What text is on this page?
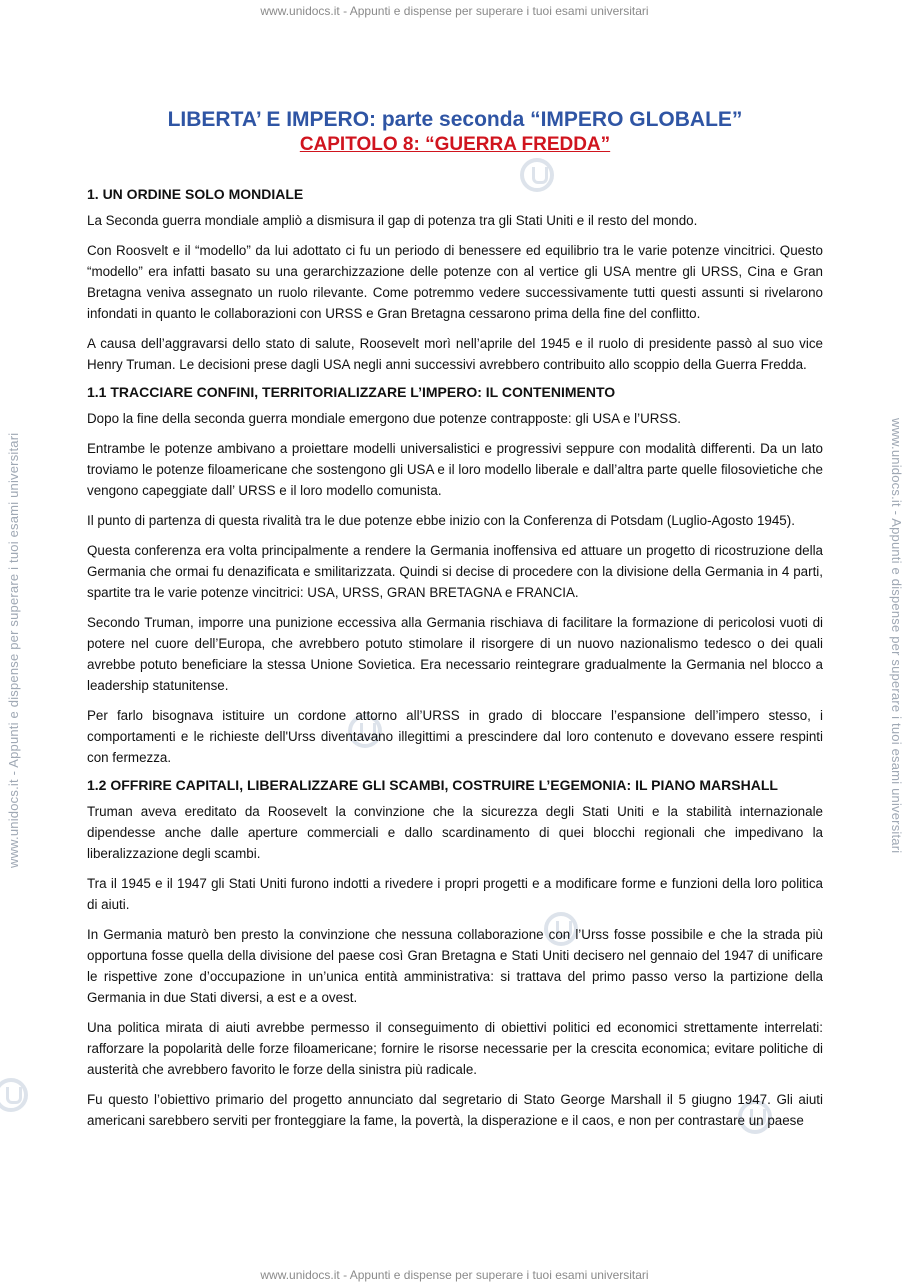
www.unidocs.it - Appunti e dispense per superare i tuoi esami universitari
www.unidocs.it - Appunti e dispense per superare i tuoi esami universitari	www.unidocs.it - Appunti e dispense per superare i tuoi esami universitari
LIBERTA’ E IMPERO: parte seconda “IMPERO GLOBALE”
CAPITOLO 8: “GUERRA FREDDA”
1. UN ORDINE SOLO MONDIALE

La Seconda guerra mondiale ampliò a dismisura il gap di potenza tra gli Stati Uniti e il resto del mondo.

Con Roosvelt e il “modello” da lui adottato ci fu un periodo di benessere ed equilibrio tra le varie potenze vincitrici. Questo “modello” era infatti basato su una gerarchizzazione delle potenze con al vertice gli USA mentre gli URSS, Cina e Gran Bretagna veniva assegnato un ruolo rilevante. Come potremmo vedere successivamente tutti questi assunti si rivelarono infondati in quanto le collaborazioni con URSS e Gran Bretagna cessarono prima della fine del conflitto.

A causa dell’aggravarsi dello stato di salute, Roosevelt morì nell’aprile del 1945 e il ruolo di presidente passò al suo vice Henry Truman. Le decisioni prese dagli USA negli anni successivi avrebbero contribuito allo scoppio della Guerra Fredda.

1.1 TRACCIARE CONFINI, TERRITORIALIZZARE L’IMPERO: IL CONTENIMENTO

Dopo la fine della seconda guerra mondiale emergono due potenze contrapposte: gli USA e l’URSS.

Entrambe le potenze ambivano a proiettare modelli universalistici e progressivi seppure con modalità differenti. Da un lato troviamo le potenze filoamericane che sostengono gli USA e il loro modello liberale e dall’altra parte quelle filosovietiche che vengono capeggiate dall’ URSS e il loro modello comunista.

Il punto di partenza di questa rivalità tra le due potenze ebbe inizio con la Conferenza di Potsdam (Luglio-Agosto 1945).

Questa conferenza era volta principalmente a rendere la Germania inoffensiva ed attuare un progetto di ricostruzione della Germania che ormai fu denazificata e smilitarizzata. Quindi si decise di procedere con la divisione della Germania in 4 parti, spartite tra le varie potenze vincitrici: USA, URSS, GRAN BRETAGNA e FRANCIA.

Secondo Truman, imporre una punizione eccessiva alla Germania rischiava di facilitare la formazione di pericolosi vuoti di potere nel cuore dell’Europa, che avrebbero potuto stimolare il risorgere di un nuovo nazionalismo tedesco o dei quali avrebbe potuto beneficiare la stessa Unione Sovietica. Era necessario reintegrare gradualmente la Germania nel blocco a leadership statunitense.

Per farlo bisognava istituire un cordone attorno all’URSS in grado di bloccare l’espansione dell’impero stesso, i comportamenti e le richieste dell'Urss diventavano illegittimi a prescindere dal loro contenuto e dovevano essere respinti con fermezza.

1.2 OFFRIRE CAPITALI, LIBERALIZZARE GLI SCAMBI, COSTRUIRE L’EGEMONIA: IL PIANO MARSHALL

Truman aveva ereditato da Roosevelt la convinzione che la sicurezza degli Stati Uniti e la stabilità internazionale dipendesse anche dalle aperture commerciali e dallo scardinamento di quei blocchi regionali che impedivano la liberalizzazione degli scambi.

Tra il 1945 e il 1947 gli Stati Uniti furono indotti a rivedere i propri progetti e a modificare forme e funzioni della loro politica di aiuti.

In Germania maturò ben presto la convinzione che nessuna collaborazione con l’Urss fosse possibile e che la strada più opportuna fosse quella della divisione del paese così Gran Bretagna e Stati Uniti decisero nel gennaio del 1947 di unificare le rispettive zone d’occupazione in un’unica entità amministrativa: si trattava del primo passo verso la partizione della Germania in due Stati diversi, a est e a ovest.

Una politica mirata di aiuti avrebbe permesso il conseguimento di obiettivi politici ed economici strettamente interrelati: rafforzare la popolarità delle forze filoamericane; fornire le risorse necessarie per la crescita economica; evitare politiche di austerità che avrebbero favorito le forze della sinistra più radicale.

Fu questo l’obiettivo primario del progetto annunciato dal segretario di Stato George Marshall il 5 giugno 1947. Gli aiuti americani sarebbero serviti per fronteggiare la fame, la povertà, la disperazione e il caos, e non per contrastare un paese

www.unidocs.it - Appunti e dispense per superare i tuoi esami universitari
